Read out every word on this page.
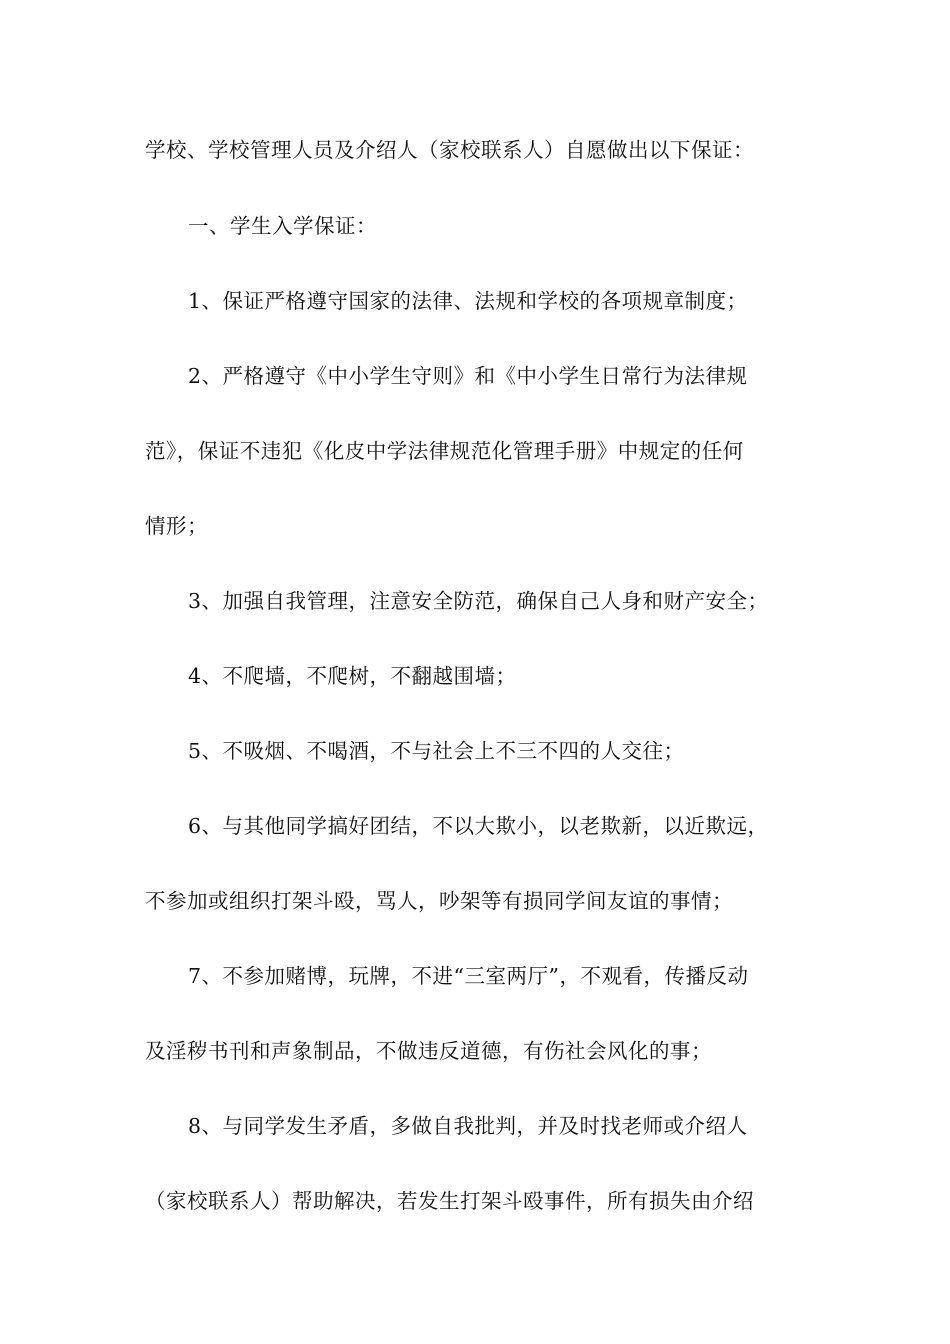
学校、学校管理人员及介绍人（家校联系人）自愿做出以下保证：
一、学生入学保证：
1、保证严格遵守国家的法律、法规和学校的各项规章制度；
2、严格遵守《中小学生守则》和《中小学生日常行为法律规
范》，保证不违犯《化皮中学法律规范化管理手册》中规定的任何
情形；
3、加强自我管理，注意安全防范，确保自己人身和财产安全；
4、不爬墙，不爬树，不翻越围墙；
5、不吸烟、不喝酒，不与社会上不三不四的人交往；
6、与其他同学搞好团结，不以大欺小，以老欺新，以近欺远，
不参加或组织打架斗殴，骂人，吵架等有损同学间友谊的事情；
7、不参加赌博，玩牌，不进“三室两厅”，不观看，传播反动
及淫秽书刊和声象制品，不做违反道德，有伤社会风化的事；
8、与同学发生矛盾，多做自我批判，并及时找老师或介绍人
（家校联系人）帮助解决，若发生打架斗殴事件，所有损失由介绍
